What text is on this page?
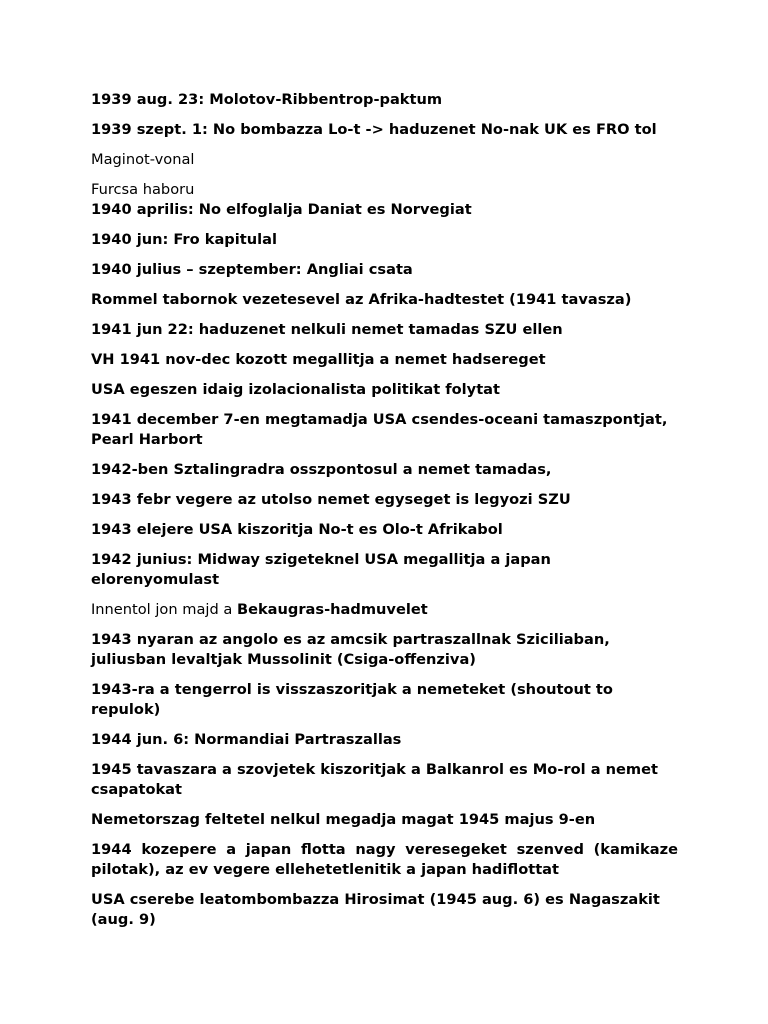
1939 aug. 23: Molotov-Ribbentrop-paktum

1939 szept. 1: No bombazza Lo-t -> haduzenet No-nak UK es FRO tol

Maginot-vonal

Furcsa haboru

1940 aprilis: No elfoglalja Daniat es Norvegiat

1940 jun: Fro kapitulal

1940 julius – szeptember: Angliai csata

Rommel tabornok vezetesevel az Afrika-hadtestet (1941 tavasza)

1941 jun 22: haduzenet nelkuli nemet tamadas SZU ellen

VH 1941 nov-dec kozott megallitja a nemet hadsereget

USA egeszen idaig izolacionalista politikat folytat

1941 december 7-en megtamadja USA csendes-oceani tamaszpontjat, Pearl Harbort

1942-ben Sztalingradra osszpontosul a nemet tamadas,

1943 febr vegere az utolso nemet egyseget is legyozi SZU

1943 elejere USA kiszoritja No-t es Olo-t Afrikabol

1942 junius: Midway szigeteknel USA megallitja a japan elorenyomulast

Innentol jon majd a Bekaugras-hadmuvelet

1943 nyaran az angolo es az amcsik partraszallnak Sziciliaban, juliusban levaltjak Mussolinit (Csiga-offenziva)

1943-ra a tengerrol is visszaszoritjak a nemeteket (shoutout to repulok)

1944 jun. 6: Normandiai Partraszallas

1945 tavaszara a szovjetek kiszoritjak a Balkanrol es Mo-rol a nemet csapatokat

Nemetorszag feltetel nelkul megadja magat 1945 majus 9-en

1944 kozepere a japan flotta nagy veresegeket szenved (kamikaze pilotak), az ev vegere ellehetetlenitik a japan hadiflottat

USA cserebe leatombombazza Hirosimat (1945 aug. 6) es Nagaszakit (aug. 9)
